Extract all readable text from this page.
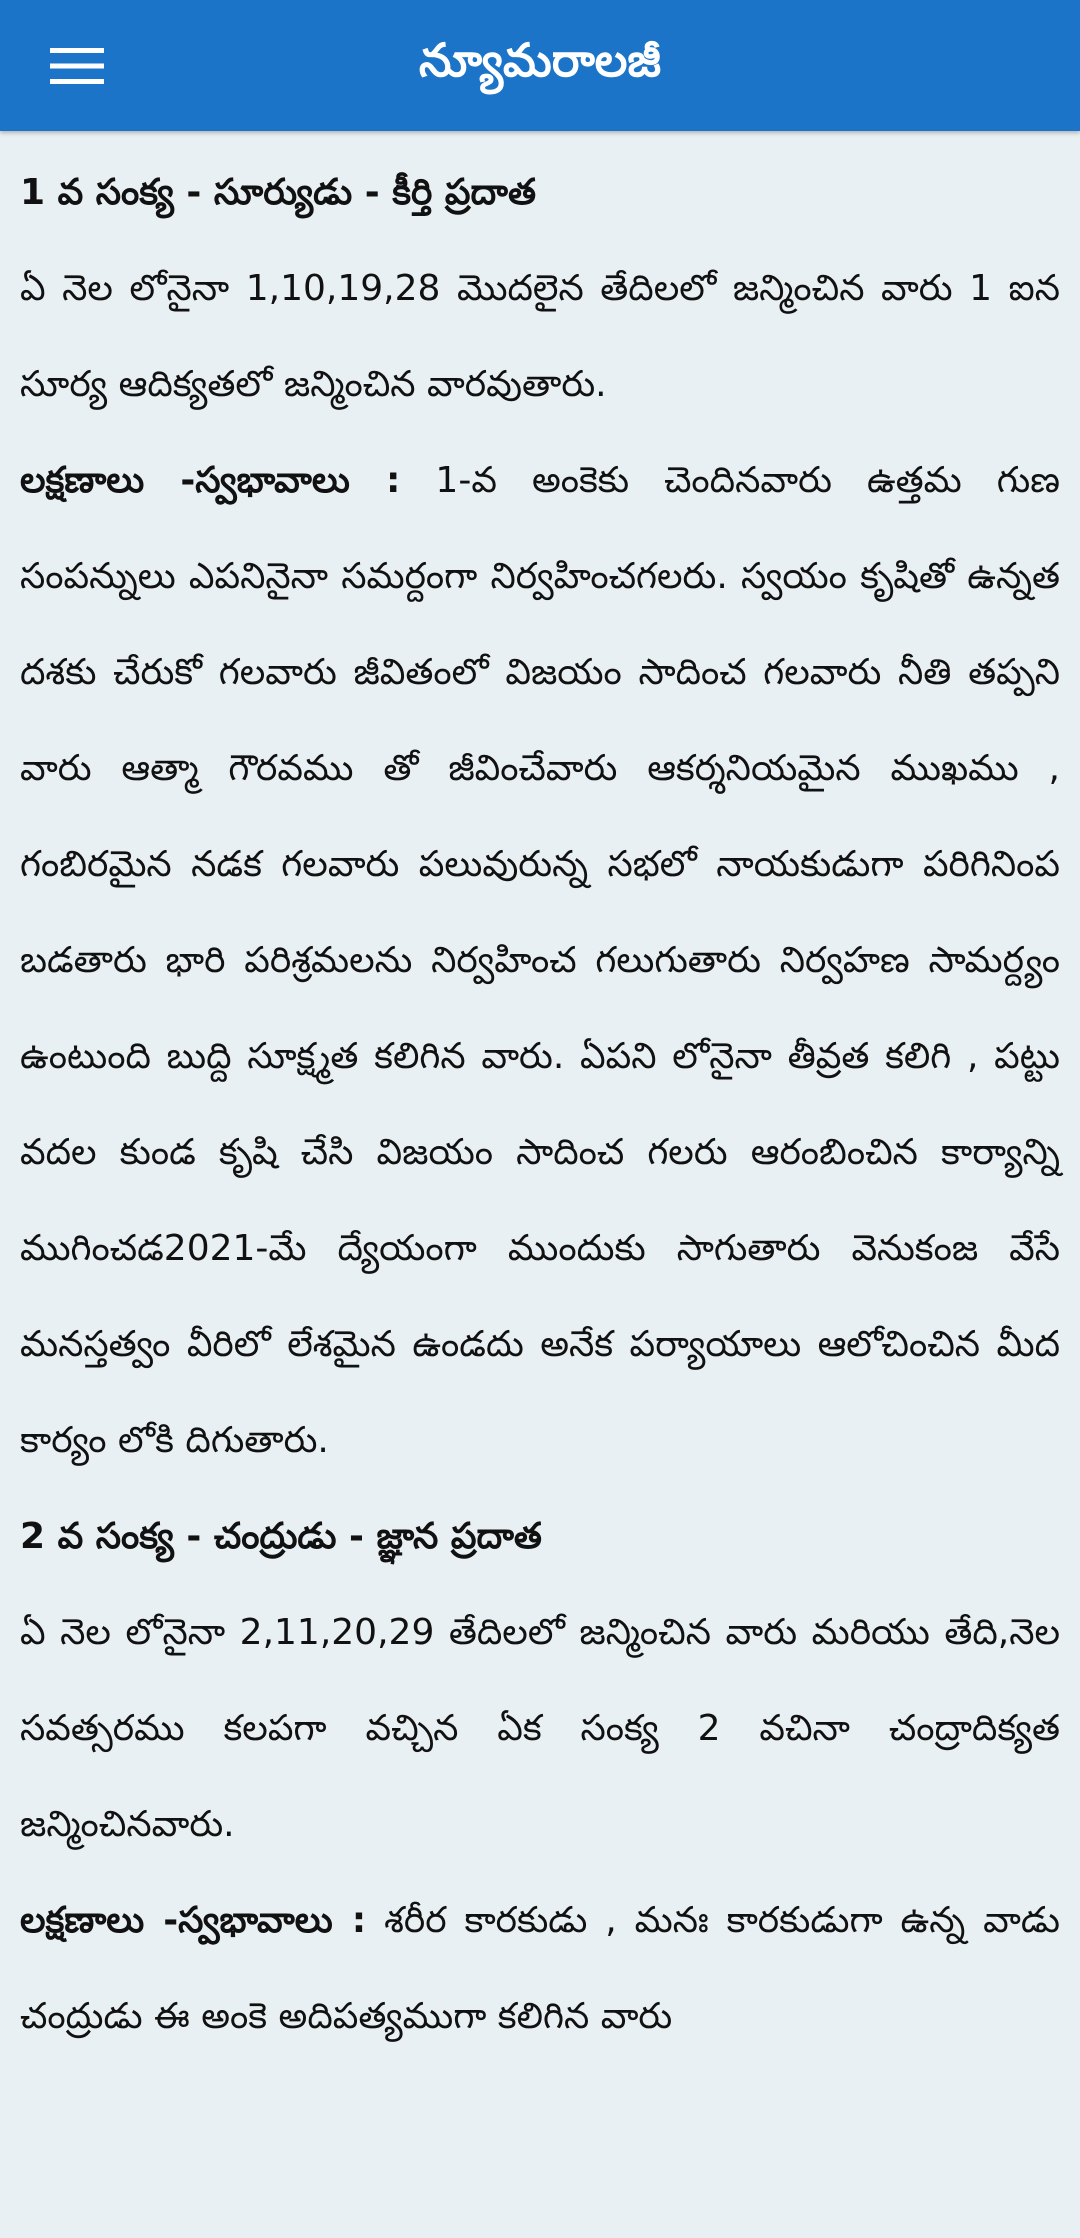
న్యూమరాలజీ

1 వ సంక్య - సూర్యుడు - కీర్తి ప్రదాత

ఏ నెల లోనైనా 1,10,19,28 మొదలైన తేదిలలో జన్మించిన వారు 1 ఐన సూర్య ఆదిక్యతలో జన్మించిన వారవుతారు.

లక్షణాలు -స్వభావాలు : 1-వ అంకెకు చెందినవారు ఉత్తమ గుణ సంపన్నులు ఎపనినైనా సమర్దంగా నిర్వహించగలరు. స్వయం కృషితో ఉన్నత దశకు చేరుకో గలవారు జీవితంలో విజయం సాదించ గలవారు నీతి తప్పని వారు ఆత్మా గౌరవము తో జీవించేవారు ఆకర్శనియమైన ముఖము , గంబిరమైన నడక గలవారు పలువురున్న సభలో నాయకుడుగా పరిగినింప బడతారు భారి పరిశ్రమలను నిర్వహించ గలుగుతారు నిర్వహణ సామర్ద్యం ఉంటుంది బుద్ది సూక్ష్మత కలిగిన వారు. ఏపని లోనైనా తీవ్రత కలిగి , పట్టు వదల కుండ కృషి చేసి విజయం సాదించ గలరు ఆరంబించిన కార్యాన్ని ముగించడ2021-మే ద్యేయంగా ముందుకు సాగుతారు వెనుకంజ వేసే మనస్తత్వం వీరిలో లేశమైన ఉండదు అనేక పర్యాయాలు ఆలోచించిన మీద కార్యం లోకి దిగుతారు.

2 వ సంక్య - చంద్రుడు - జ్ఞాన ప్రదాత

ఏ నెల లోనైనా 2,11,20,29 తేదిలలో జన్మించిన వారు మరియు తేది,నెల సవత్సరము కలపగా వచ్చిన ఏక సంక్య 2 వచినా చంద్రాదిక్యత జన్మించినవారు.

లక్షణాలు -స్వభావాలు : శరీర కారకుడు , మనః కారకుడుగా ఉన్న వాడు చంద్రుడు ఈ అంకె అదిపత్యముగా కలిగిన వారు
